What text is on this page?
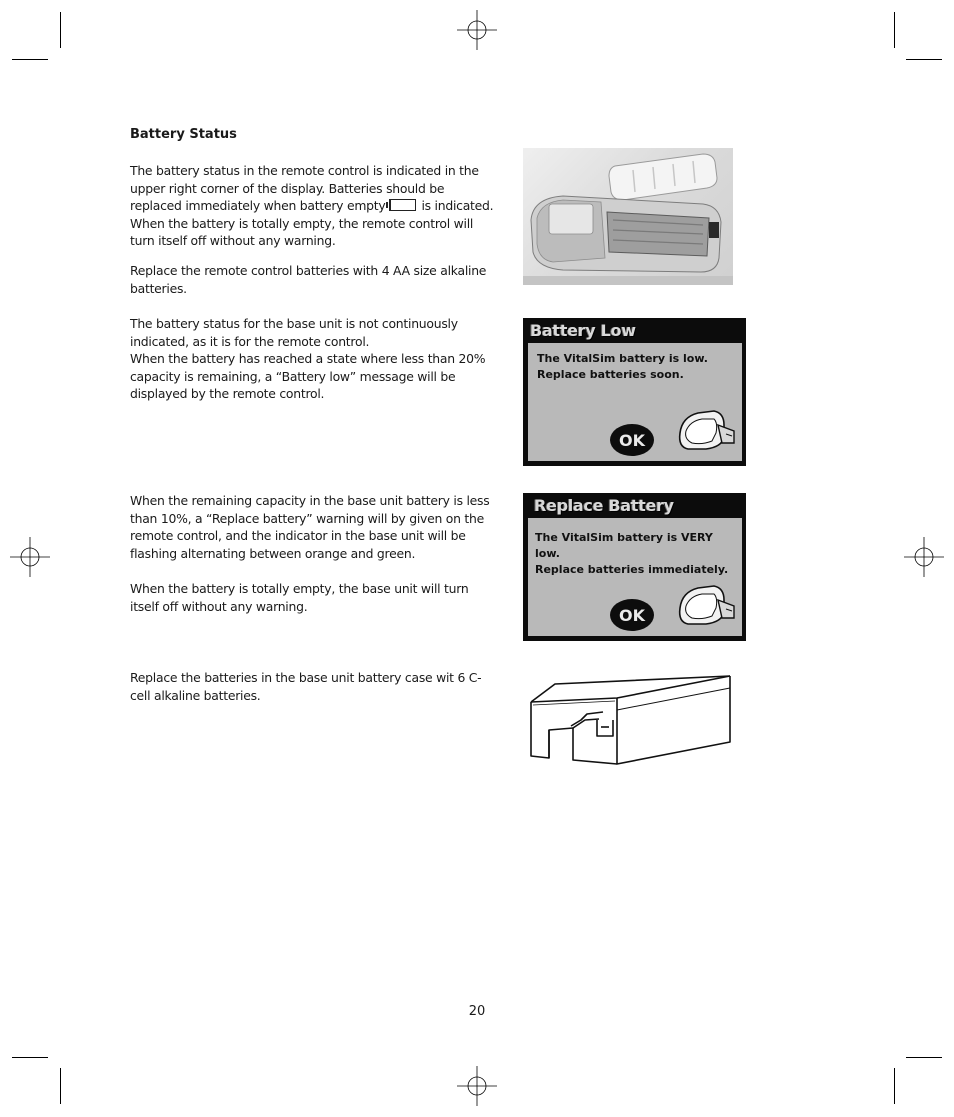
Battery Status

The battery status in the remote control is indicated in the upper right corner of the display. Batteries should be replaced immediately when battery empty	is indicated.
When the battery is totally empty, the remote control will turn itself off without any warning.

Replace the remote control batteries with 4 AA size alkaline batteries.

The battery status for the base unit is not continuously indicated, as it is for the remote control.
When the battery has reached a state where less than 20% capacity is remaining, a “Battery low” message will be displayed by the remote control.

When the remaining capacity in the base unit battery is less than 10%, a “Replace battery” warning will by given on the remote control, and the indicator in the base unit will be flashing alternating between orange and green.

When the battery is totally empty, the base unit will turn itself off without any warning.

Replace the batteries in the base unit battery case wit 6 C-cell alkaline batteries.

Battery Low

The VitalSim battery is low.
Replace batteries soon.

OK

Replace Battery

The VitalSim battery is VERY low.
Replace batteries immediately.

OK

20
